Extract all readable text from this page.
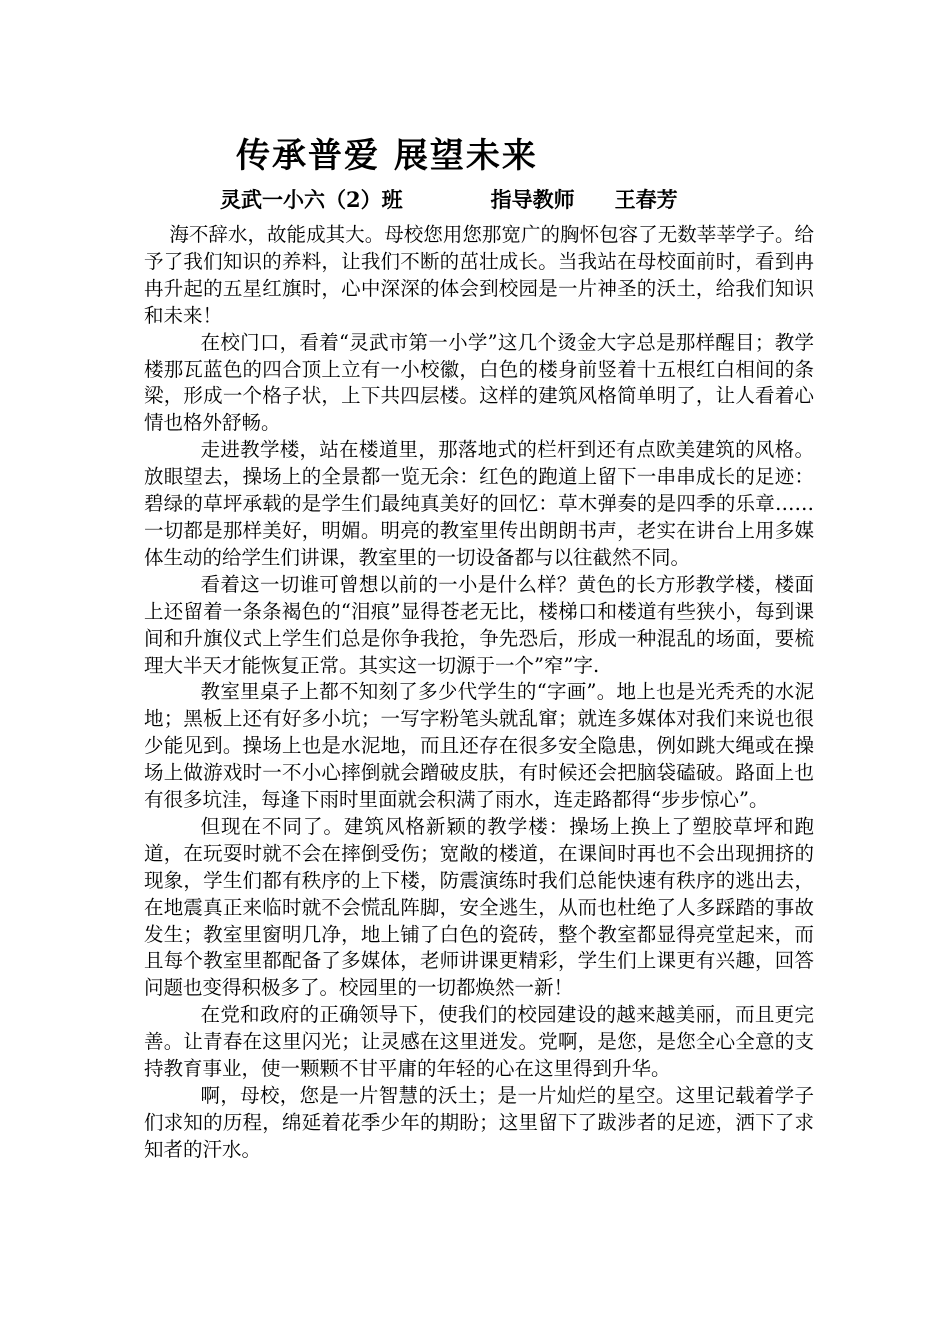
传承普爱 展望未来
灵武一小六（2）班	指导教师 王春芳

海不辞水，故能成其大。母校您用您那宽广的胸怀包容了无数莘莘学子。给予了我们知识的养料，让我们不断的茁壮成长。当我站在母校面前时，看到冉冉升起的五星红旗时，心中深深的体会到校园是一片神圣的沃土，给我们知识和未来！

在校门口，看着“灵武市第一小学”这几个烫金大字总是那样醒目；教学楼那瓦蓝色的四合顶上立有一小校徽，白色的楼身前竖着十五根红白相间的条梁，形成一个格子状，上下共四层楼。这样的建筑风格简单明了，让人看着心情也格外舒畅。

走进教学楼，站在楼道里，那落地式的栏杆到还有点欧美建筑的风格。放眼望去，操场上的全景都一览无余：红色的跑道上留下一串串成长的足迹：碧绿的草坪承载的是学生们最纯真美好的回忆：草木弹奏的是四季的乐章……一切都是那样美好，明媚。明亮的教室里传出朗朗书声，老实在讲台上用多媒体生动的给学生们讲课，教室里的一切设备都与以往截然不同。

看着这一切谁可曾想以前的一小是什么样？黄色的长方形教学楼，楼面上还留着一条条褐色的“泪痕”显得苍老无比，楼梯口和楼道有些狭小，每到课间和升旗仪式上学生们总是你争我抢，争先恐后，形成一种混乱的场面，要梳理大半天才能恢复正常。其实这一切源于一个”窄”字.

教室里桌子上都不知刻了多少代学生的“字画”。地上也是光秃秃的水泥地；黑板上还有好多小坑；一写字粉笔头就乱窜；就连多媒体对我们来说也很少能见到。操场上也是水泥地，而且还存在很多安全隐患，例如跳大绳或在操场上做游戏时一不小心摔倒就会蹭破皮肤，有时候还会把脑袋磕破。路面上也有很多坑洼，每逢下雨时里面就会积满了雨水，连走路都得“步步惊心”。

但现在不同了。建筑风格新颖的教学楼：操场上换上了塑胶草坪和跑道，在玩耍时就不会在摔倒受伤；宽敞的楼道，在课间时再也不会出现拥挤的现象，学生们都有秩序的上下楼，防震演练时我们总能快速有秩序的逃出去，在地震真正来临时就不会慌乱阵脚，安全逃生，从而也杜绝了人多踩踏的事故发生；教室里窗明几净，地上铺了白色的瓷砖，整个教室都显得亮堂起来，而且每个教室里都配备了多媒体，老师讲课更精彩，学生们上课更有兴趣，回答问题也变得积极多了。校园里的一切都焕然一新！

在党和政府的正确领导下，使我们的校园建设的越来越美丽，而且更完善。让青春在这里闪光；让灵感在这里迸发。党啊，是您，是您全心全意的支持教育事业，使一颗颗不甘平庸的年轻的心在这里得到升华。

啊，母校，您是一片智慧的沃土；是一片灿烂的星空。这里记载着学子们求知的历程，绵延着花季少年的期盼；这里留下了跋涉者的足迹，洒下了求知者的汗水。
